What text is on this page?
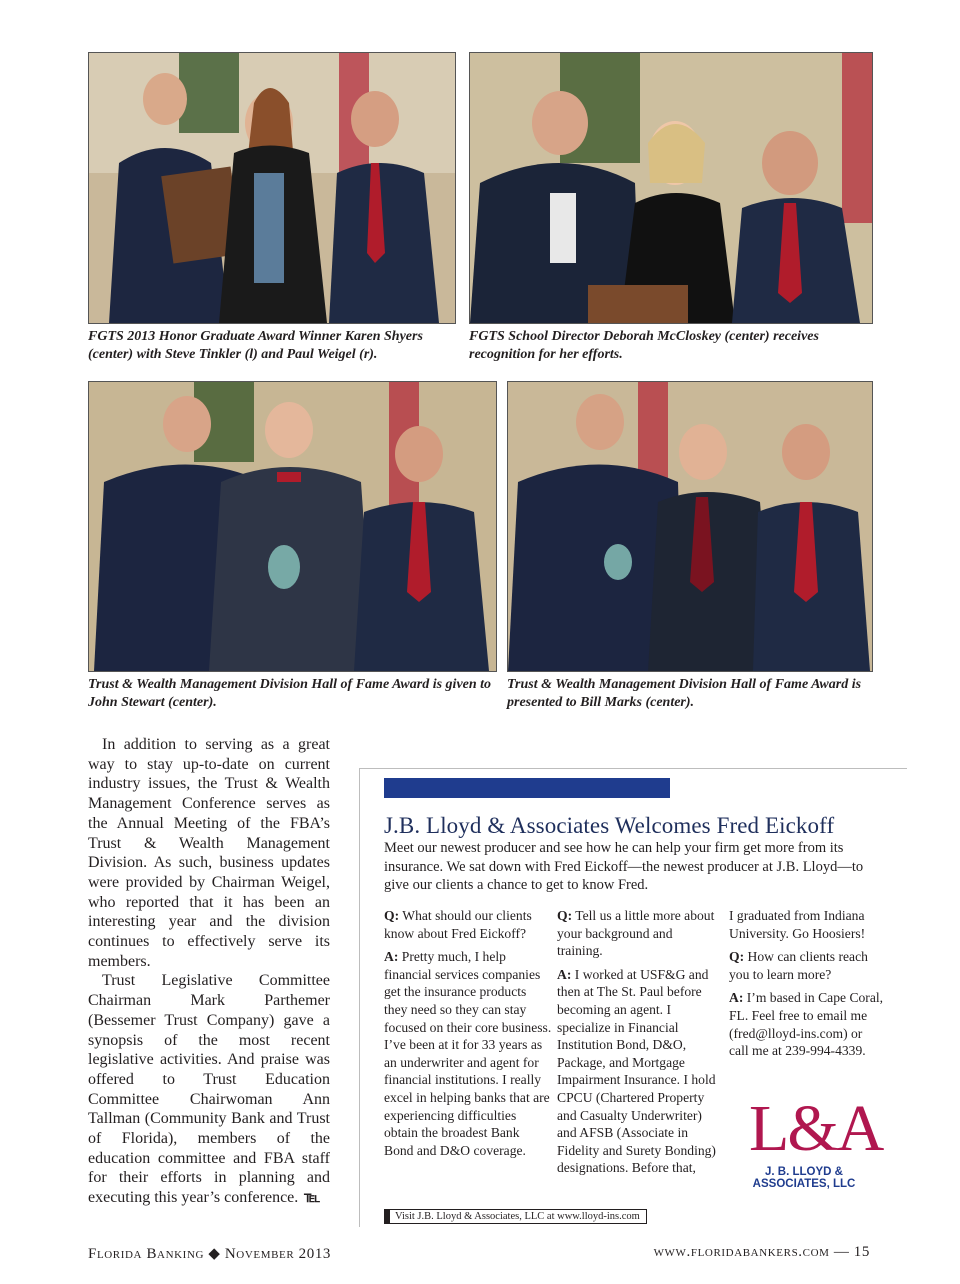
FGTS 2013 Honor Graduate Award Winner Karen Shyers (center) with Steve Tinkler (l) and Paul Weigel (r).
FGTS School Director Deborah McCloskey (center) receives recognition for her efforts.
Trust & Wealth Management Division Hall of Fame Award is given to John Stewart (center).
Trust & Wealth Management Division Hall of Fame Award is presented to Bill Marks (center).

In addition to serving as a great way to stay up-to-date on current industry issues, the Trust & Wealth Management Conference serves as the Annual Meeting of the FBA’s Trust & Wealth Management Division. As such, business updates were provided by Chairman Weigel, who reported that it has been an interesting year and the division continues to effectively serve its members.

Trust Legislative Committee Chairman Mark Parthemer (Bessemer Trust Company) gave a synopsis of the most recent legislative activities. And praise was offered to Trust Education Committee Chairwoman Ann Tallman (Community Bank and Trust of Florida), members of the education committee and FBA staff for their efforts in planning and executing this year’s conference. ℡

J.B. Lloyd & Associates Welcomes Fred Eickoff
Meet our newest producer and see how he can help your firm get more from its insurance. We sat down with Fred Eickoff—the newest producer at J.B. Lloyd—to give our clients a chance to get to know Fred.

Q: What should our clients know about Fred Eickoff?

A: Pretty much, I help financial services companies get the insurance products they need so they can stay focused on their core business. I’ve been at it for 33 years as an underwriter and agent for financial institutions. I really excel in helping banks that are experiencing difficulties obtain the broadest Bank Bond and D&O coverage.

Q: Tell us a little more about your background and training.

A: I worked at USF&G and then at The St. Paul before becoming an agent. I specialize in Financial Institution Bond, D&O, Package, and Mortgage Impairment Insurance. I hold CPCU (Chartered Property and Casualty Underwriter) and AFSB (Associate in Fidelity and Surety Bonding) designations. Before that,

I graduated from Indiana University. Go Hoosiers!

Q: How can clients reach you to learn more?

A: I’m based in Cape Coral, FL. Feel free to email me (fred@lloyd-ins.com) or call me at 239-994-4339.

L&A
J. B. LLOYD & ASSOCIATES, LLC
Visit J.B. Lloyd & Associates, LLC at www.lloyd-ins.com
Florida Banking ◆ November 2013	www.floridabankers.com — 15
